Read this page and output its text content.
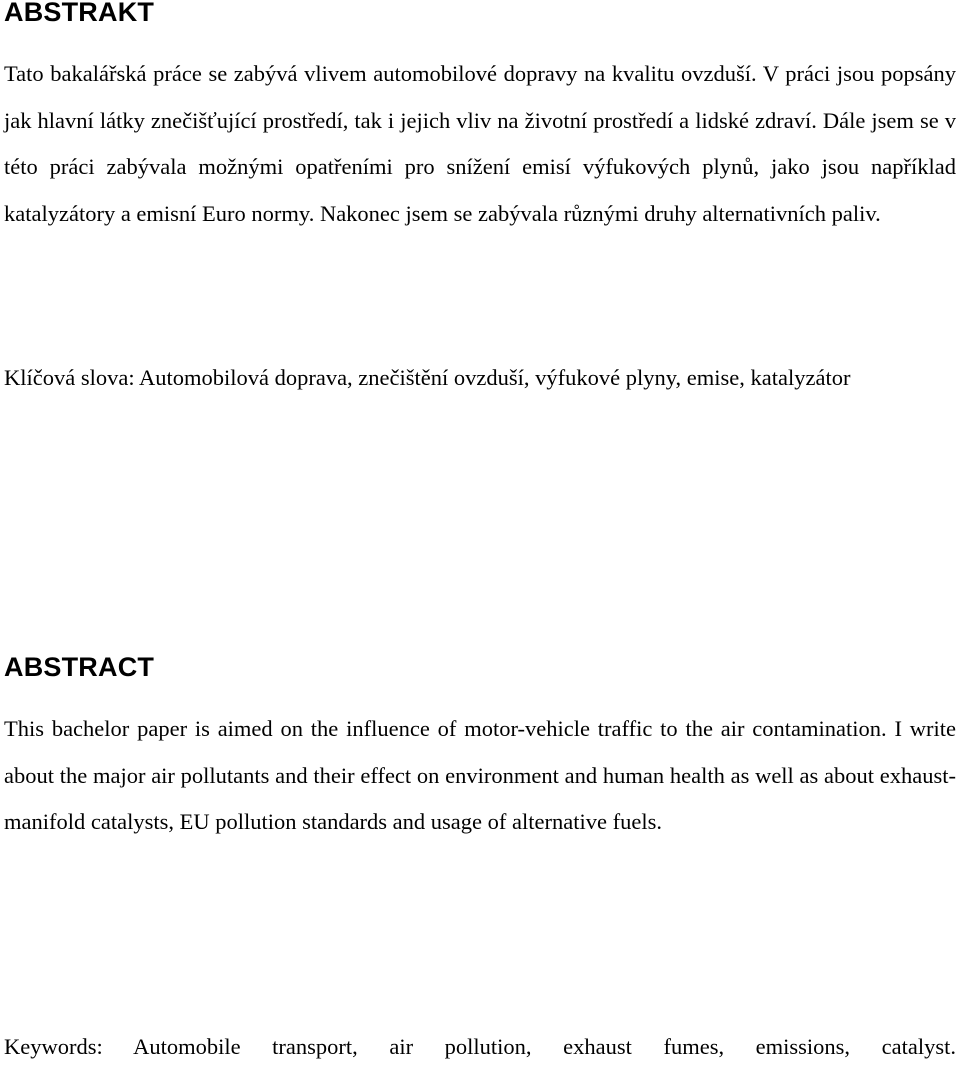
ABSTRAKT

Tato bakalářská práce se zabývá vlivem automobilové dopravy na kvalitu ovzduší. V práci jsou popsány jak hlavní látky znečišťující prostředí, tak i jejich vliv na životní prostředí a lidské zdraví. Dále jsem se v této práci zabývala možnými opatřeními pro snížení emisí výfukových plynů, jako jsou například katalyzátory a emisní Euro normy. Nakonec jsem se zabývala různými druhy alternativních paliv.

Klíčová slova: Automobilová doprava, znečištění ovzduší, výfukové plyny, emise, katalyzátor

ABSTRACT

This bachelor paper is aimed on the influence of motor-vehicle traffic to the air contamination. I write about the major air pollutants and their effect on environment and human health as well as about exhaust-manifold catalysts, EU pollution standards and usage of alternative fuels.

Keywords: Automobile transport, air pollution, exhaust fumes, emissions, catalyst.
